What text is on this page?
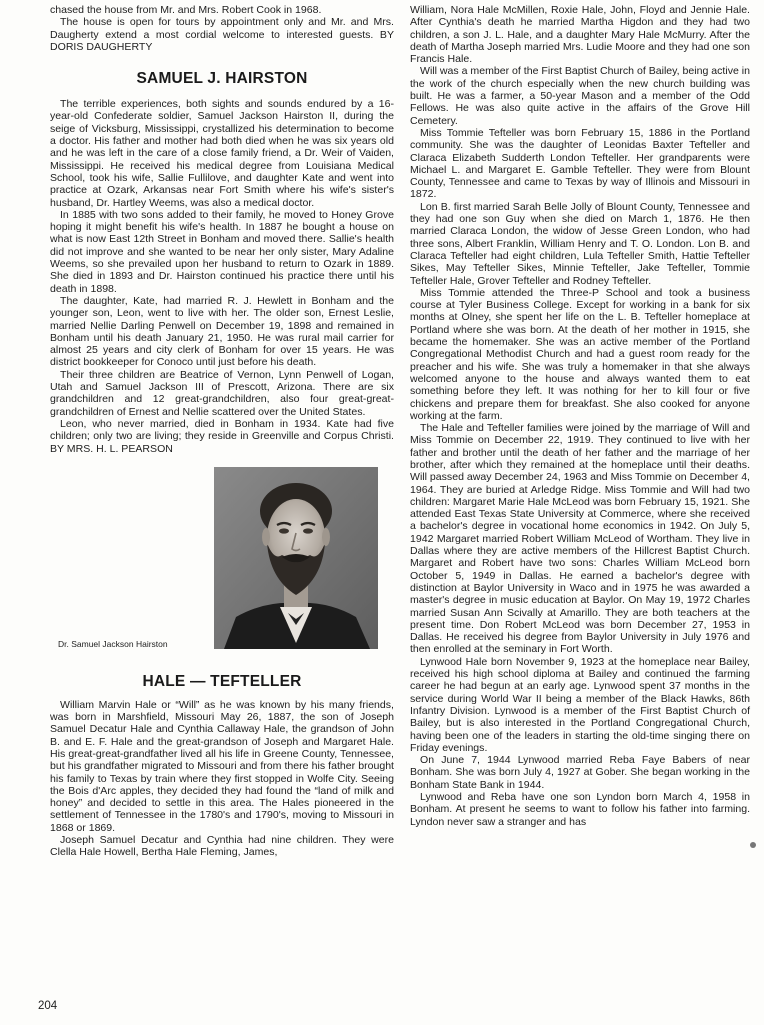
chased the house from Mr. and Mrs. Robert Cook in 1968.

The house is open for tours by appointment only and Mr. and Mrs. Daugherty extend a most cordial welcome to interested guests. BY DORIS DAUGHERTY

SAMUEL J. HAIRSTON

The terrible experiences, both sights and sounds endured by a 16-year-old Confederate soldier, Samuel Jackson Hairston II, during the seige of Vicksburg, Mississippi, crystallized his determination to become a doctor. His father and mother had both died when he was six years old and he was left in the care of a close family friend, a Dr. Weir of Vaiden, Mississippi. He received his medical degree from Louisiana Medical School, took his wife, Sallie Fullilove, and daughter Kate and went into practice at Ozark, Arkansas near Fort Smith where his wife's sister's husband, Dr. Hartley Weems, was also a medical doctor.

In 1885 with two sons added to their family, he moved to Honey Grove hoping it might benefit his wife's health. In 1887 he bought a house on what is now East 12th Street in Bonham and moved there. Sallie's health did not improve and she wanted to be near her only sister, Mary Adaline Weems, so she prevailed upon her husband to return to Ozark in 1889. She died in 1893 and Dr. Hairston continued his practice there until his death in 1898.

The daughter, Kate, had married R. J. Hewlett in Bonham and the younger son, Leon, went to live with her. The older son, Ernest Leslie, married Nellie Darling Penwell on December 19, 1898 and remained in Bonham until his death January 21, 1950. He was rural mail carrier for almost 25 years and city clerk of Bonham for over 15 years. He was district bookkeeper for Conoco until just before his death.

Their three children are Beatrice of Vernon, Lynn Penwell of Logan, Utah and Samuel Jackson III of Prescott, Arizona. There are six grandchildren and 12 great-grandchildren, also four great-great-grandchildren of Ernest and Nellie scattered over the United States.

Leon, who never married, died in Bonham in 1934. Kate had five children; only two are living; they reside in Greenville and Corpus Christi. BY MRS. H. L. PEARSON

Dr. Samuel Jackson Hairston
HALE — TEFTELLER

William Marvin Hale or “Will” as he was known by his many friends, was born in Marshfield, Missouri May 26, 1887, the son of Joseph Samuel Decatur Hale and Cynthia Callaway Hale, the grandson of John B. and E. F. Hale and the great-grandson of Joseph and Margaret Hale. His great-great-grandfather lived all his life in Greene County, Tennessee, but his grandfather migrated to Missouri and from there his father brought his family to Texas by train where they first stopped in Wolfe City. Seeing the Bois d'Arc apples, they decided they had found the “land of milk and honey” and decided to settle in this area. The Hales pioneered in the settlement of Tennessee in the 1780's and 1790's, moving to Missouri in 1868 or 1869.

Joseph Samuel Decatur and Cynthia had nine children. They were Clella Hale Howell, Bertha Hale Fleming, James,

William, Nora Hale McMillen, Roxie Hale, John, Floyd and Jennie Hale. After Cynthia's death he married Martha Higdon and they had two children, a son J. L. Hale, and a daughter Mary Hale McMurry. After the death of Martha Joseph married Mrs. Ludie Moore and they had one son Francis Hale.

Will was a member of the First Baptist Church of Bailey, being active in the work of the church especially when the new church building was built. He was a farmer, a 50-year Mason and a member of the Odd Fellows. He was also quite active in the affairs of the Grove Hill Cemetery.

Miss Tommie Tefteller was born February 15, 1886 in the Portland community. She was the daughter of Leonidas Baxter Tefteller and Claraca Elizabeth Sudderth London Tefteller. Her grandparents were Michael L. and Margaret E. Gamble Tefteller. They were from Blount County, Tennessee and came to Texas by way of Illinois and Missouri in 1872.

Lon B. first married Sarah Belle Jolly of Blount County, Tennessee and they had one son Guy when she died on March 1, 1876. He then married Claraca London, the widow of Jesse Green London, who had three sons, Albert Franklin, William Henry and T. O. London. Lon B. and Claraca Tefteller had eight children, Lula Tefteller Smith, Hattie Tefteller Sikes, May Tefteller Sikes, Minnie Tefteller, Jake Tefteller, Tommie Tefteller Hale, Grover Tefteller and Rodney Tefteller.

Miss Tommie attended the Three-P School and took a business course at Tyler Business College. Except for working in a bank for six months at Olney, she spent her life on the L. B. Tefteller homeplace at Portland where she was born. At the death of her mother in 1915, she became the homemaker. She was an active member of the Portland Congregational Methodist Church and had a guest room ready for the preacher and his wife. She was truly a homemaker in that she always welcomed anyone to the house and always wanted them to eat something before they left. It was nothing for her to kill four or five chickens and prepare them for breakfast. She also cooked for anyone working at the farm.

The Hale and Tefteller families were joined by the marriage of Will and Miss Tommie on December 22, 1919. They continued to live with her father and brother until the death of her father and the marriage of her brother, after which they remained at the homeplace until their deaths. Will passed away December 24, 1963 and Miss Tommie on December 4, 1964. They are buried at Arledge Ridge. Miss Tommie and Will had two children: Margaret Marie Hale McLeod was born February 15, 1921. She attended East Texas State University at Commerce, where she received a bachelor's degree in vocational home economics in 1942. On July 5, 1942 Margaret married Robert William McLeod of Wortham. They live in Dallas where they are active members of the Hillcrest Baptist Church. Margaret and Robert have two sons: Charles William McLeod born October 5, 1949 in Dallas. He earned a bachelor's degree with distinction at Baylor University in Waco and in 1975 he was awarded a master's degree in music education at Baylor. On May 19, 1972 Charles married Susan Ann Scivally at Amarillo. They are both teachers at the present time. Don Robert McLeod was born December 27, 1953 in Dallas. He received his degree from Baylor University in July 1976 and then enrolled at the seminary in Fort Worth.

Lynwood Hale born November 9, 1923 at the homeplace near Bailey, received his high school diploma at Bailey and continued the farming career he had begun at an early age. Lynwood spent 37 months in the service during World War II being a member of the Black Hawks, 86th Infantry Division. Lynwood is a member of the First Baptist Church of Bailey, but is also interested in the Portland Congregational Church, having been one of the leaders in starting the old-time singing there on Friday evenings.

On June 7, 1944 Lynwood married Reba Faye Babers of near Bonham. She was born July 4, 1927 at Gober. She began working in the Bonham State Bank in 1944.

Lynwood and Reba have one son Lyndon born March 4, 1958 in Bonham. At present he seems to want to follow his father into farming. Lyndon never saw a stranger and has

204
